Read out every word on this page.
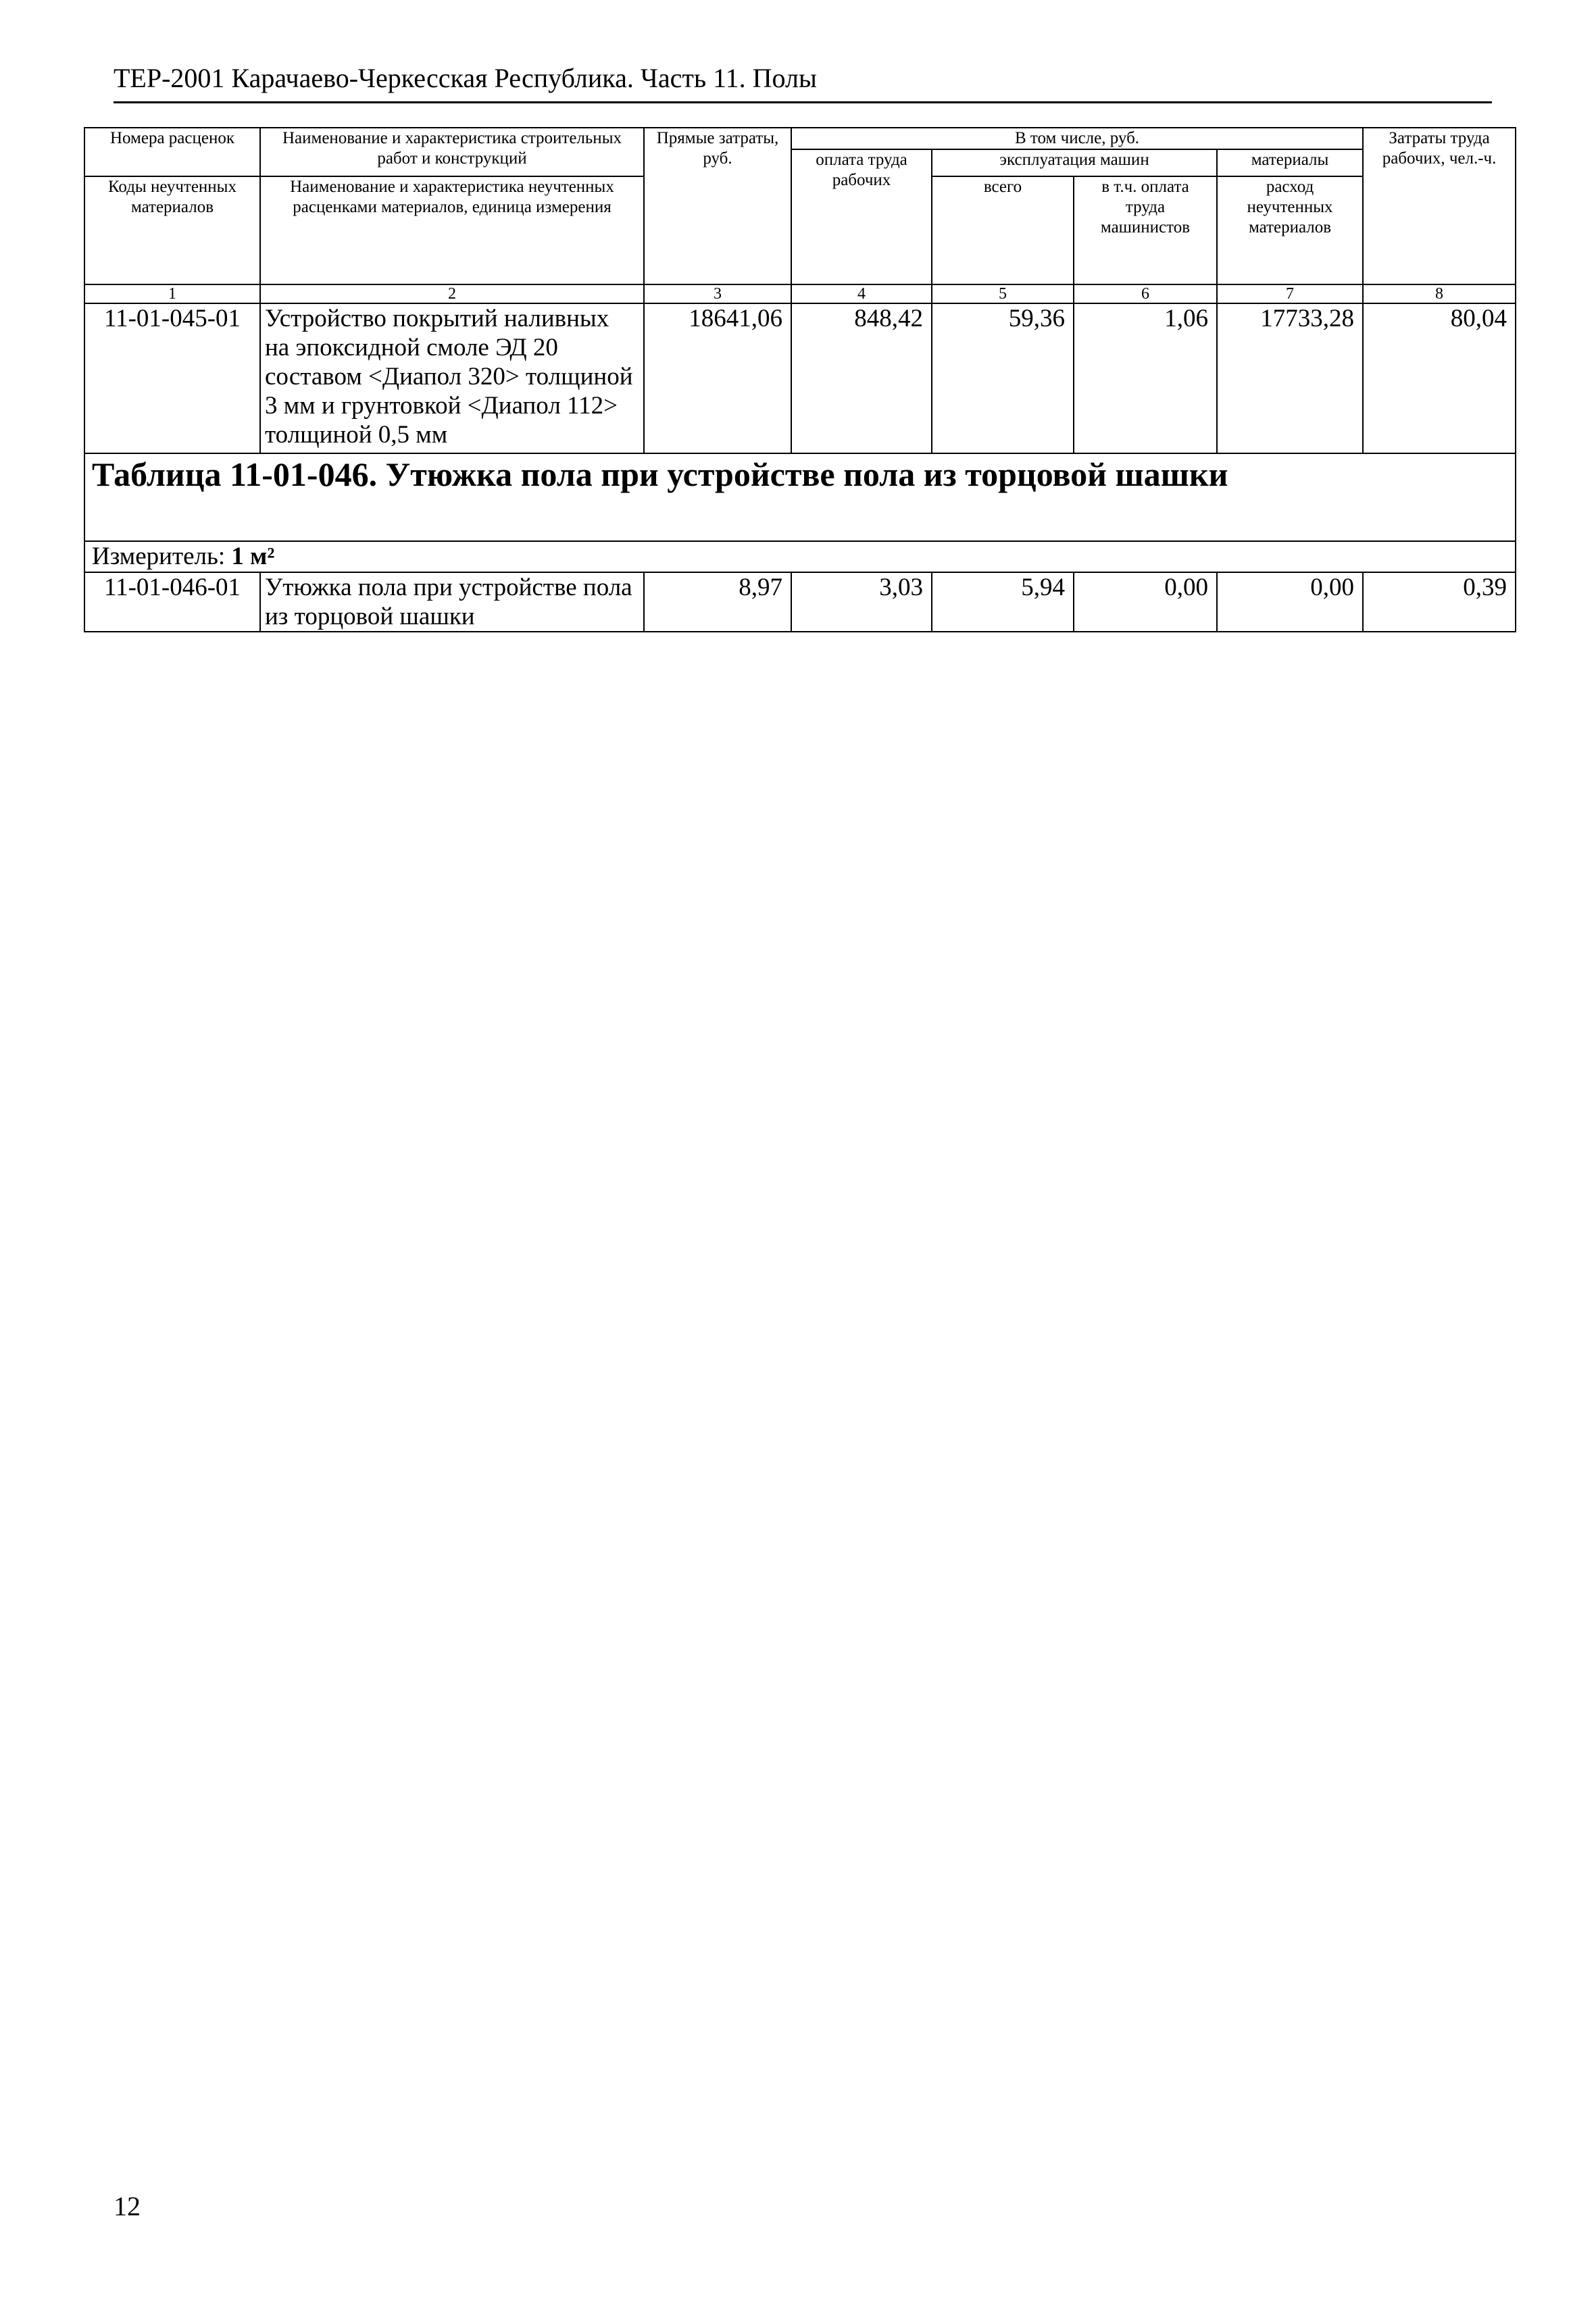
ТЕР-2001 Карачаево-Черкесская Республика. Часть 11. Полы
Номера расценок	Наименование и характеристика строительных работ и конструкций	Прямые затраты, руб.	В том числе, руб.				Затраты труда рабочих, чел.-ч.
			оплата труда рабочих	эксплуатация машин		материалы	
Коды неучтенных материалов	Наименование и характеристика неучтенных расценками материалов, единица измерения			всего	в т.ч. оплата труда машинистов	расход неучтенных материалов	

1	2	3	4	5	6	7	8
11-01-045-01	Устройство покрытий наливных на эпоксидной смоле ЭД 20 составом <Диапол 320> толщиной 3 мм и грунтовкой <Диапол 112> толщиной 0,5 мм	18641,06	848,42	59,36	1,06	17733,28	80,04
Таблица 11-01-046. Утюжка пола при устройстве пола из торцовой шашки							
Измеритель: 1 м²							
11-01-046-01	Утюжка пола при устройстве пола из торцовой шашки	8,97	3,03	5,94	0,00	0,00	0,39
12
